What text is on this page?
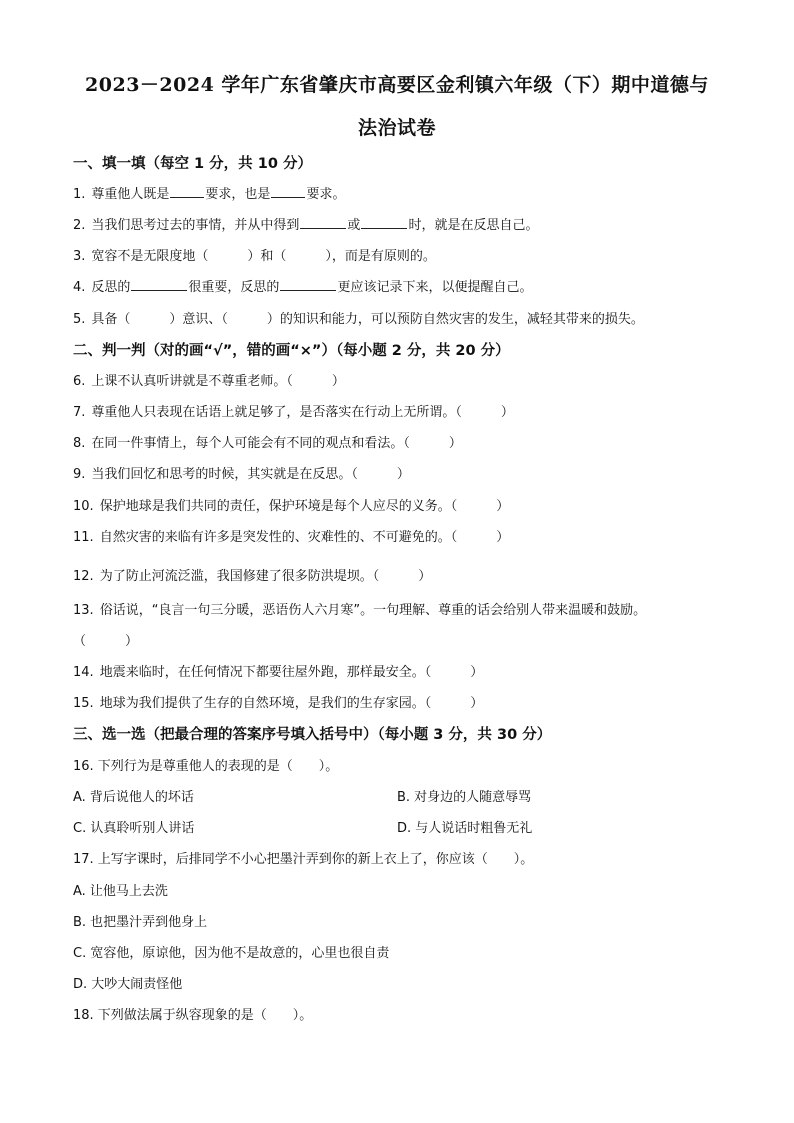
2023－2024 学年广东省肇庆市高要区金利镇六年级（下）期中道德与
法治试卷
一、填一填（每空 1 分，共 10 分）
1. 尊重他人既是	要求，也是	要求。
2. 当我们思考过去的事情，并从中得到	或	时，就是在反思自己。
3. 宽容不是无限度地（　　　）和（　　　），而是有原则的。
4. 反思的	很重要，反思的	更应该记录下来，以便提醒自己。
5. 具备（　　　）意识、（　　　）的知识和能力，可以预防自然灾害的发生，减轻其带来的损失。
二、判一判（对的画“√”，错的画“×”）（每小题 2 分，共 20 分）
6. 上课不认真听讲就是不尊重老师。（　　　）
7. 尊重他人只表现在话语上就足够了，是否落实在行动上无所谓。（　　　）
8. 在同一件事情上，每个人可能会有不同的观点和看法。（　　　）
9. 当我们回忆和思考的时候，其实就是在反思。（　　　）
10. 保护地球是我们共同的责任，保护环境是每个人应尽的义务。（　　　）
11. 自然灾害的来临有许多是突发性的、灾难性的、不可避免的。（　　　）
12. 为了防止河流泛滥，我国修建了很多防洪堤坝。（　　　）
13. 俗话说，“良言一句三分暖，恶语伤人六月寒”。一句理解、尊重的话会给别人带来温暖和鼓励。
（　　　）
14. 地震来临时，在任何情况下都要往屋外跑，那样最安全。（　　　）
15. 地球为我们提供了生存的自然环境，是我们的生存家园。（　　　）
三、选一选（把最合理的答案序号填入括号中）（每小题 3 分，共 30 分）
16. 下列行为是尊重他人的表现的是（　　）。
A. 背后说他人的坏话	B. 对身边的人随意辱骂
C. 认真聆听别人讲话	D. 与人说话时粗鲁无礼
17. 上写字课时，后排同学不小心把墨汁弄到你的新上衣上了，你应该（　　）。
A. 让他马上去洗
B. 也把墨汁弄到他身上
C. 宽容他，原谅他，因为他不是故意的，心里也很自责
D. 大吵大闹责怪他
18. 下列做法属于纵容现象的是（　　）。
